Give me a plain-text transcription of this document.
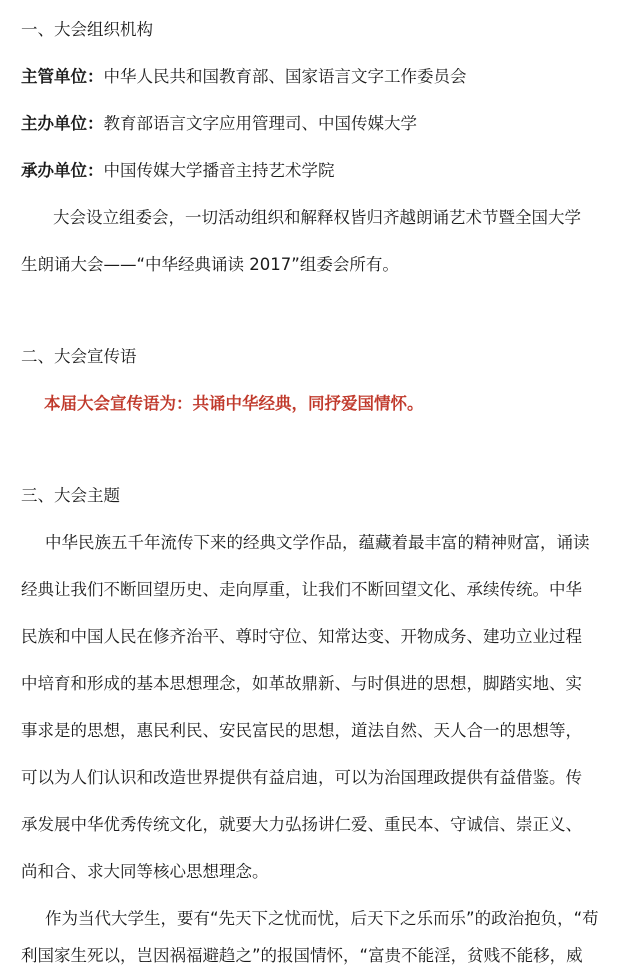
一、大会组织机构
主管单位：中华人民共和国教育部、国家语言文字工作委员会
主办单位：教育部语言文字应用管理司、中国传媒大学
承办单位：中国传媒大学播音主持艺术学院
大会设立组委会，一切活动组织和解释权皆归齐越朗诵艺术节暨全国大学
生朗诵大会——“中华经典诵读 2017”组委会所有。
二、大会宣传语
本届大会宣传语为：共诵中华经典，同抒爱国情怀。
三、大会主题
中华民族五千年流传下来的经典文学作品，蕴藏着最丰富的精神财富，诵读
经典让我们不断回望历史、走向厚重，让我们不断回望文化、承续传统。中华
民族和中国人民在修齐治平、尊时守位、知常达变、开物成务、建功立业过程
中培育和形成的基本思想理念，如革故鼎新、与时俱进的思想，脚踏实地、实
事求是的思想，惠民利民、安民富民的思想，道法自然、天人合一的思想等，
可以为人们认识和改造世界提供有益启迪，可以为治国理政提供有益借鉴。传
承发展中华优秀传统文化，就要大力弘扬讲仁爱、重民本、守诚信、崇正义、
尚和合、求大同等核心思想理念。
作为当代大学生，要有“先天下之忧而忧，后天下之乐而乐”的政治抱负，“苟
利国家生死以，岂因祸福避趋之”的报国情怀，“富贵不能淫，贫贱不能移，威
